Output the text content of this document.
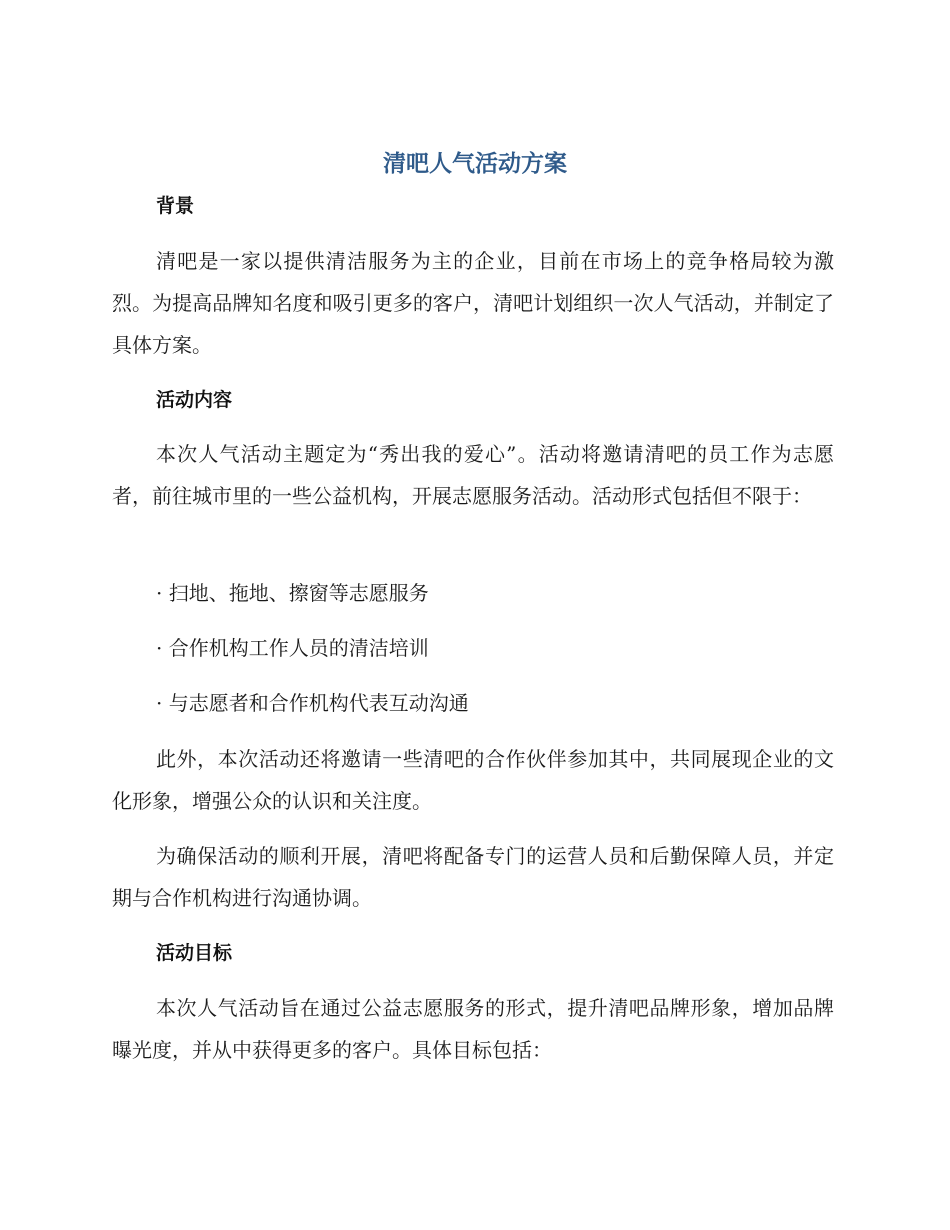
清吧人气活动方案
背景

清吧是一家以提供清洁服务为主的企业，目前在市场上的竞争格局较为激烈。为提高品牌知名度和吸引更多的客户，清吧计划组织一次人气活动，并制定了具体方案。

活动内容

本次人气活动主题定为“秀出我的爱心”。活动将邀请清吧的员工作为志愿者，前往城市里的一些公益机构，开展志愿服务活动。活动形式包括但不限于：

· 扫地、拖地、擦窗等志愿服务
· 合作机构工作人员的清洁培训
· 与志愿者和合作机构代表互动沟通

此外，本次活动还将邀请一些清吧的合作伙伴参加其中，共同展现企业的文化形象，增强公众的认识和关注度。

为确保活动的顺利开展，清吧将配备专门的运营人员和后勤保障人员，并定期与合作机构进行沟通协调。

活动目标

本次人气活动旨在通过公益志愿服务的形式，提升清吧品牌形象，增加品牌曝光度，并从中获得更多的客户。具体目标包括：
